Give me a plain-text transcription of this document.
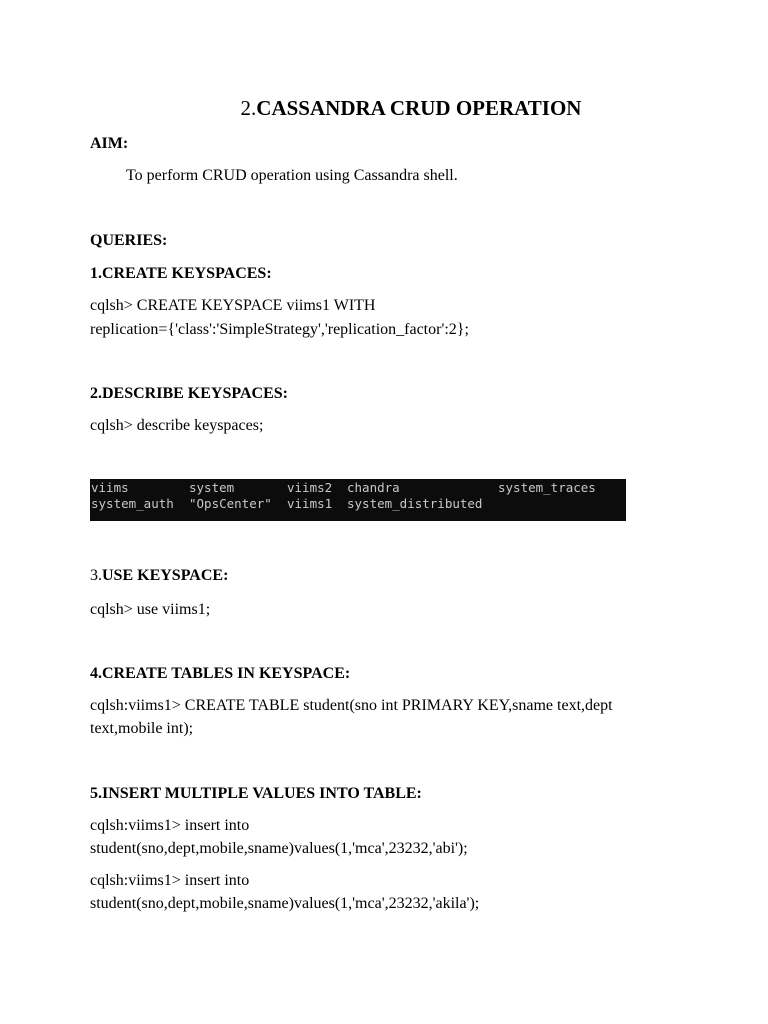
2.CASSANDRA CRUD OPERATION
AIM:
To perform CRUD operation using Cassandra shell.
QUERIES:
1.CREATE KEYSPACES:
cqlsh> CREATE KEYSPACE viims1 WITH
replication={'class':'SimpleStrategy','replication_factor':2};
2.DESCRIBE KEYSPACES:
cqlsh> describe keyspaces;
viims	system	viims2 chandra	system_traces
system_auth "OpsCenter" viims1 system_distributed
3.USE KEYSPACE:
cqlsh> use viims1;
4.CREATE TABLES IN KEYSPACE:
cqlsh:viims1> CREATE TABLE student(sno int PRIMARY KEY,sname text,dept
text,mobile int);
5.INSERT MULTIPLE VALUES INTO TABLE:
cqlsh:viims1> insert into
student(sno,dept,mobile,sname)values(1,'mca',23232,'abi');
cqlsh:viims1> insert into
student(sno,dept,mobile,sname)values(1,'mca',23232,'akila');
